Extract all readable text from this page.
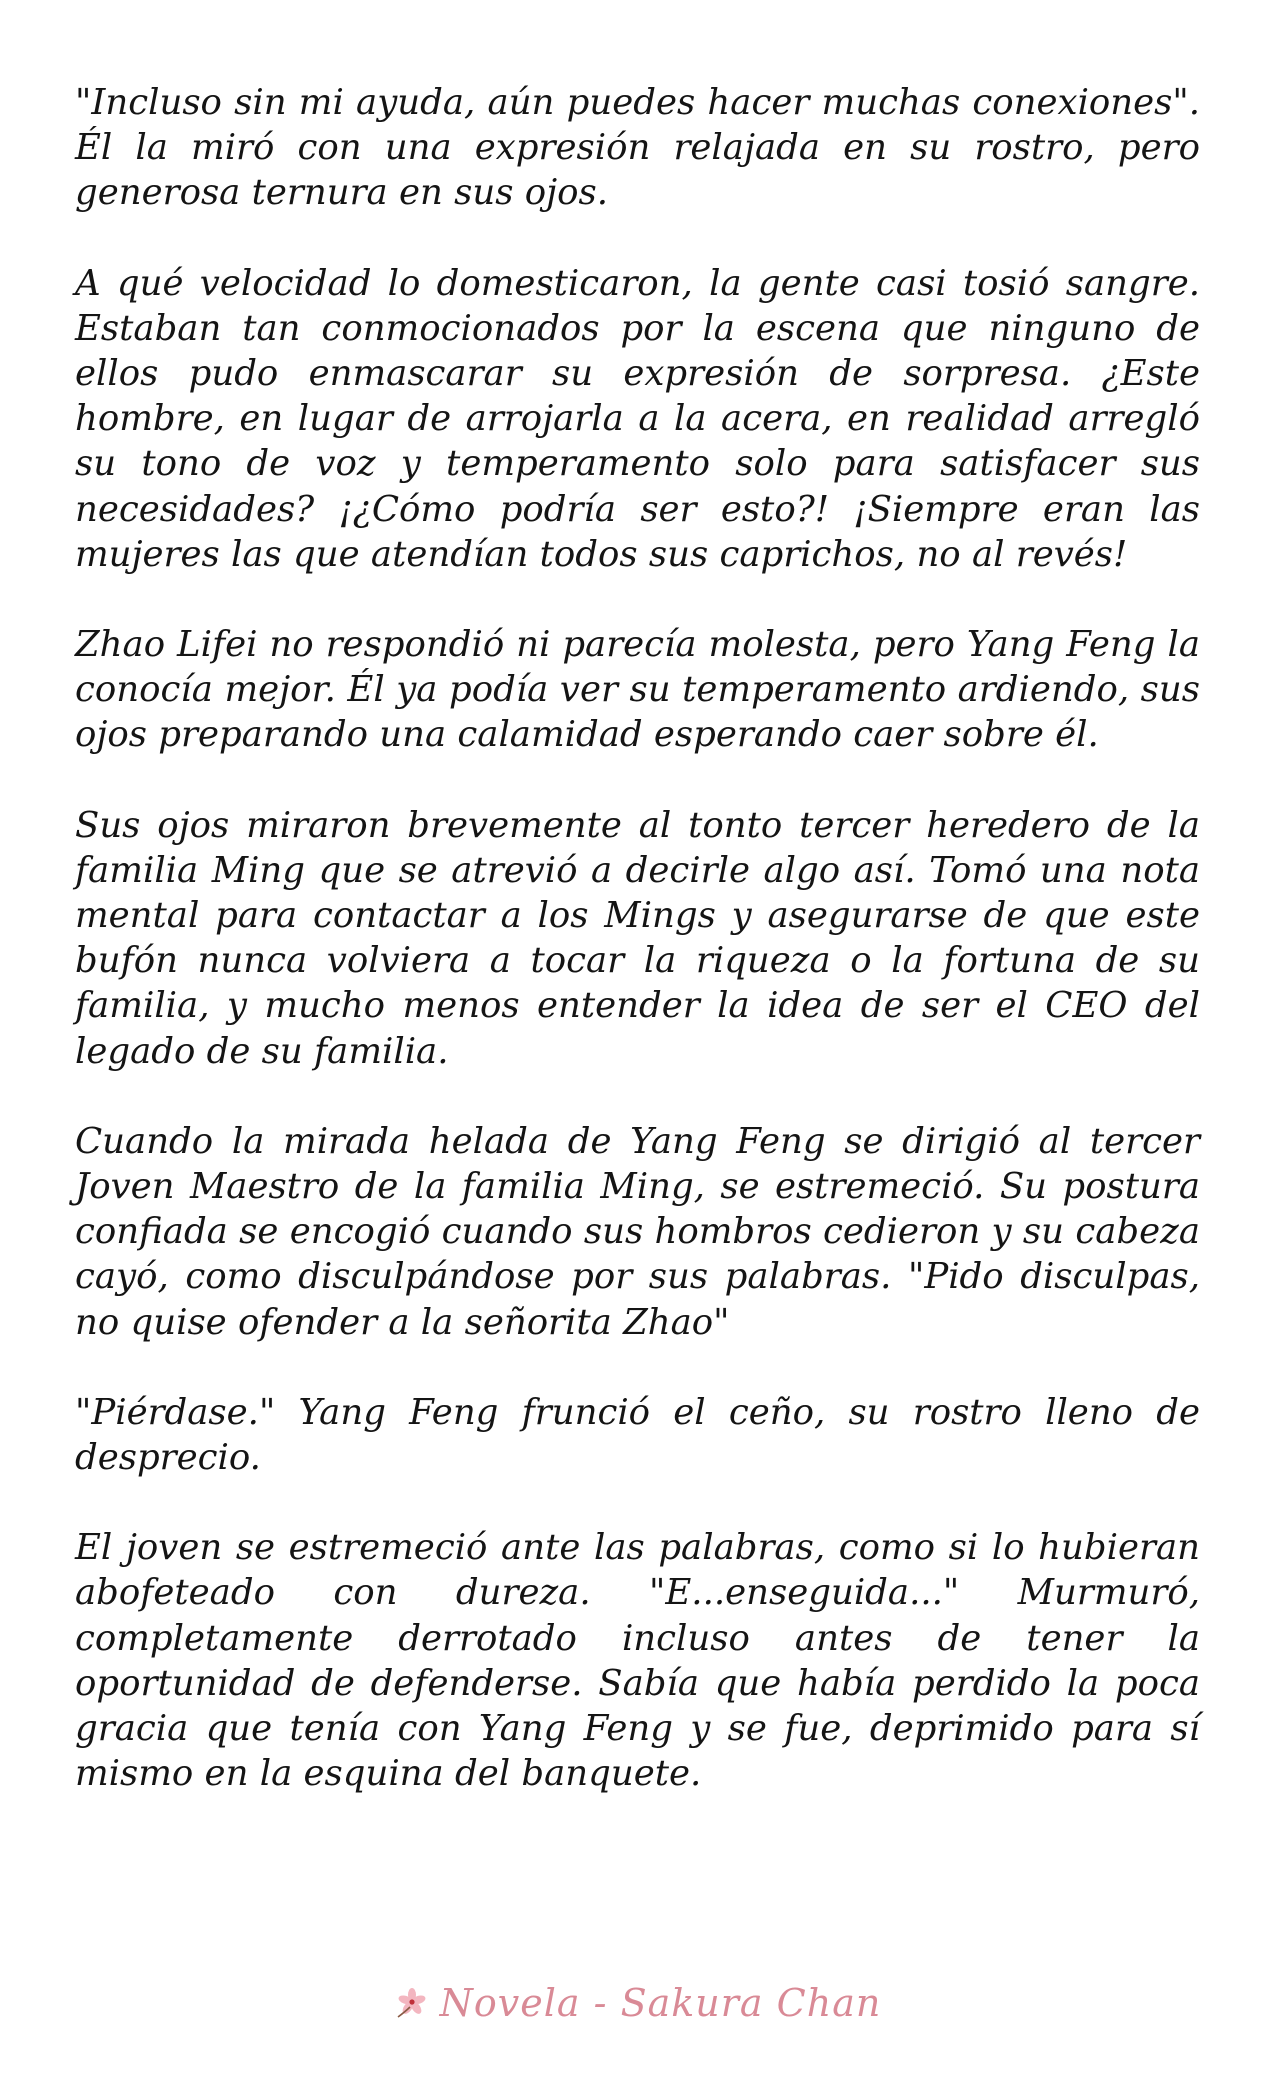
"Incluso sin mi ayuda, aún puedes hacer muchas conexiones". Él la miró con una expresión relajada en su rostro, pero generosa ternura en sus ojos.

A qué velocidad lo domesticaron, la gente casi tosió sangre. Estaban tan conmocionados por la escena que ninguno de ellos pudo enmascarar su expresión de sorpresa. ¿Este hombre, en lugar de arrojarla a la acera, en realidad arregló su tono de voz y temperamento solo para satisfacer sus necesidades? ¡¿Cómo podría ser esto?! ¡Siempre eran las mujeres las que atendían todos sus caprichos, no al revés!

Zhao Lifei no respondió ni parecía molesta, pero Yang Feng la conocía mejor. Él ya podía ver su temperamento ardiendo, sus ojos preparando una calamidad esperando caer sobre él.

Sus ojos miraron brevemente al tonto tercer heredero de la familia Ming que se atrevió a decirle algo así. Tomó una nota mental para contactar a los Mings y asegurarse de que este bufón nunca volviera a tocar la riqueza o la fortuna de su familia, y mucho menos entender la idea de ser el CEO del legado de su familia.

Cuando la mirada helada de Yang Feng se dirigió al tercer Joven Maestro de la familia Ming, se estremeció. Su postura confiada se encogió cuando sus hombros cedieron y su cabeza cayó, como disculpándose por sus palabras. "Pido disculpas, no quise ofender a la señorita Zhao"

"Piérdase." Yang Feng frunció el ceño, su rostro lleno de desprecio.

El joven se estremeció ante las palabras, como si lo hubieran abofeteado con dureza. "E...enseguida..." Murmuró, completamente derrotado incluso antes de tener la oportunidad de defenderse. Sabía que había perdido la poca gracia que tenía con Yang Feng y se fue, deprimido para sí mismo en la esquina del banquete.

Novela - Sakura Chan
